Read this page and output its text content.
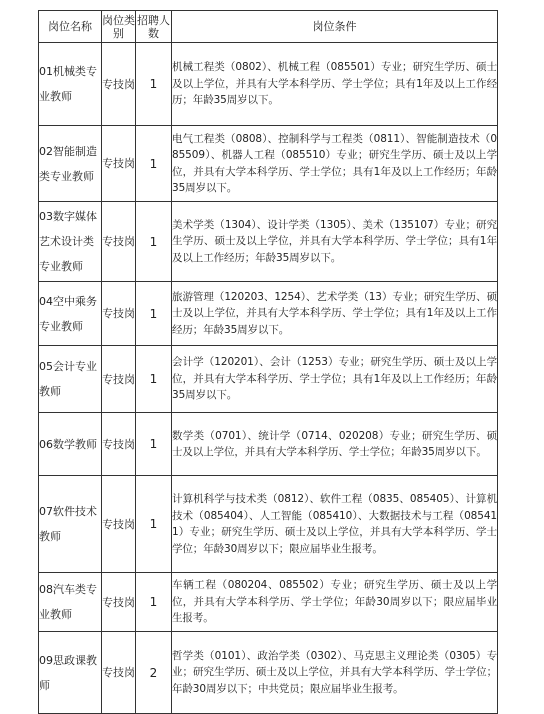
岗位名称	岗位类别	招聘人数	岗位条件
01机械类专业教师	专技岗	1	机械工程类（0802）、机械工程（085501）专业；研究生学历、硕士及以上学位，并具有大学本科学历、学士学位；具有1年及以上工作经历；年龄35周岁以下。
02智能制造类专业教师	专技岗	1	电气工程类（0808）、控制科学与工程类（0811）、智能制造技术（085509）、机器人工程（085510）专业；研究生学历、硕士及以上学位，并具有大学本科学历、学士学位；具有1年及以上工作经历；年龄35周岁以下。
03数字媒体艺术设计类专业教师	专技岗	1	美术学类（1304）、设计学类（1305）、美术（135107）专业；研究生学历、硕士及以上学位，并具有大学本科学历、学士学位；具有1年及以上工作经历；年龄35周岁以下。
04空中乘务专业教师	专技岗	1	旅游管理（120203、1254）、艺术学类（13）专业；研究生学历、硕士及以上学位，并具有大学本科学历、学士学位；具有1年及以上工作经历；年龄35周岁以下。
05会计专业教师	专技岗	1	会计学（120201）、会计（1253）专业；研究生学历、硕士及以上学位，并具有大学本科学历、学士学位；具有1年及以上工作经历；年龄35周岁以下。
06数学教师	专技岗	1	数学类（0701）、统计学（0714、020208）专业；研究生学历、硕士及以上学位，并具有大学本科学历、学士学位；年龄35周岁以下。
07软件技术教师	专技岗	1	计算机科学与技术类（0812）、软件工程（0835、085405）、计算机技术（085404）、人工智能（085410）、大数据技术与工程（085411）专业；研究生学历、硕士及以上学位，并具有大学本科学历、学士学位；年龄30周岁以下；限应届毕业生报考。
08汽车类专业教师	专技岗	1	车辆工程（080204、085502）专业；研究生学历、硕士及以上学位，并具有大学本科学历、学士学位；年龄30周岁以下；限应届毕业生报考。
09思政课教师	专技岗	2	哲学类（0101）、政治学类（0302）、马克思主义理论类（0305）专业；研究生学历、硕士及以上学位，并具有大学本科学历、学士学位；年龄30周岁以下；中共党员；限应届毕业生报考。
